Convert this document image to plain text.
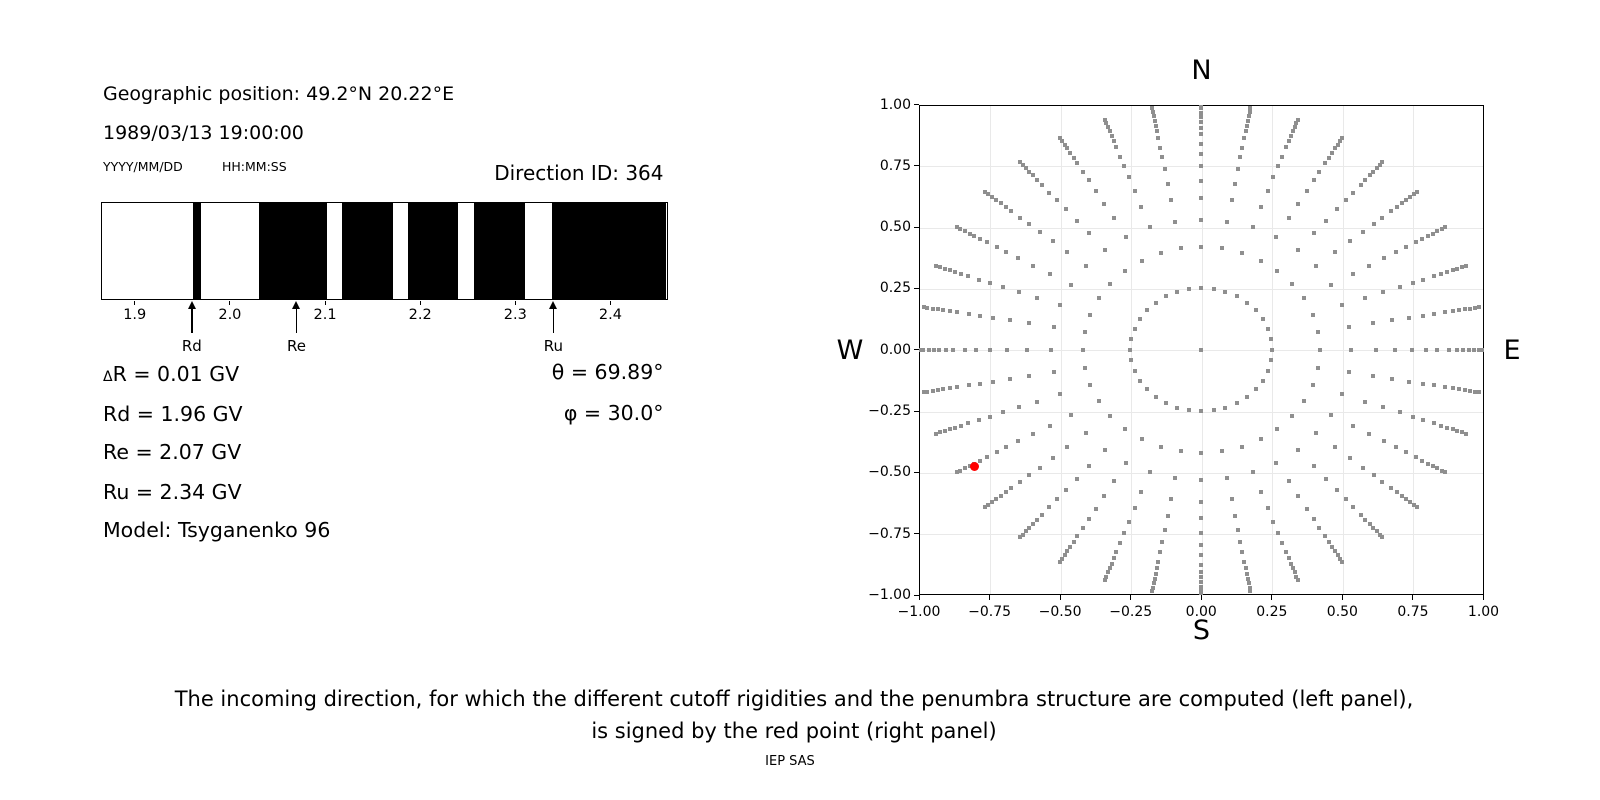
Geographic position: 49.2°N 20.22°E
1989/03/13 19:00:00
YYYY/MM/DD	HH:MM:SS	Direction ID: 364
1.9	2.0	2.1	2.2	2.3	2.4
Rd	Re	Ru
ΔR = 0.01 GV
Rd = 1.96 GV
Re = 2.07 GV
Ru = 2.34 GV
Model: Tsyganenko 96
θ = 69.89°
φ = 30.0°
−1.00 −0.75 −0.50 −0.25 0.00	0.25	0.50	0.75	1.00
1.00
0.75
0.50
0.25
0.00
−0.25
−0.50
−0.75
−1.00
N
S
W	E
The incoming direction, for which the different cutoff rigidities and the penumbra structure are computed (left panel),
is signed by the red point (right panel)
IEP SAS
